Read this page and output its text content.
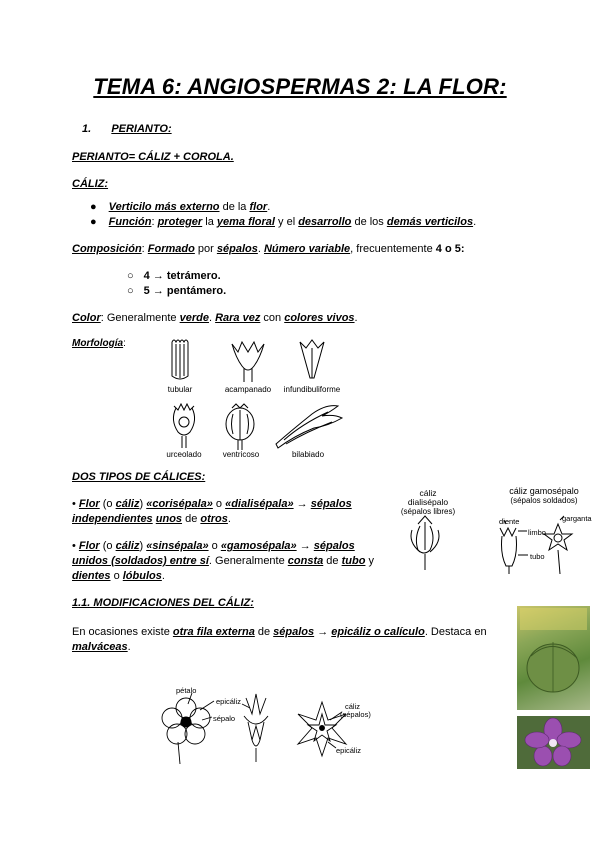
TEMA 6: ANGIOSPERMAS 2: LA FLOR:
1. PERIANTO:
PERIANTO= CÁLIZ + COROLA.
CÁLIZ:
● Verticilo más externo de la flor.
● Función: proteger la yema floral y el desarrollo de los demás verticilos.
Composición: Formado por sépalos. Número variable, frecuentemente 4 o 5:
○ 4 → tetrámero.
○ 5 → pentámero.
Color: Generalmente verde. Rara vez con colores vivos.
Morfología:
tubular	acampanado	infundibuliforme
urceolado	ventricoso	bilabiado
DOS TIPOS DE CÁLICES:
• Flor (o cáliz) «corisépala» o «dialisépala» → sépalos
independientes unos de otros.
• Flor (o cáliz) «sinsépala» o «gamosépala» → sépalos
unidos (soldados) entre sí. Generalmente consta de tubo y
dientes o lóbulos.
cáliz
dialisépalo
(sépalos libres)
cáliz gamosépalo
(sépalos soldados)
diente
limbo
garganta
tubo
1.1. MODIFICACIONES DEL CÁLIZ:
En ocasiones existe otra fila externa de sépalos → epicáliz o calículo. Destaca en
malváceas.
pétalo
epicáliz
sépalo
cáliz
(sépalos)
epicáliz
